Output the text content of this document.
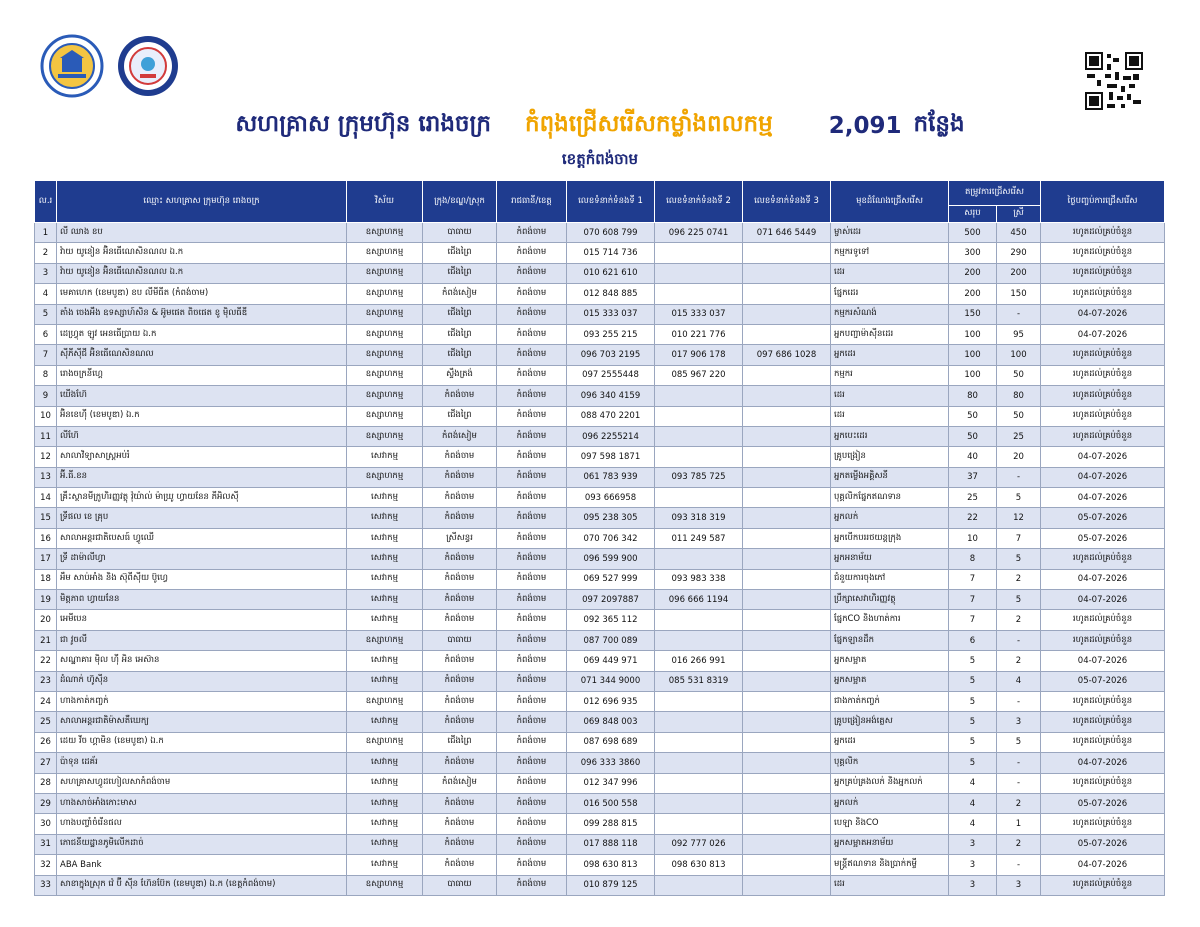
សហគ្រាស ក្រុមហ៊ុន រោងចក្រ កំពុងជ្រើសរើសកម្លាំងពលកម្ម 2,091 កន្លែង
ខេត្តកំពង់ចាម
ល.រ	ឈ្មោះ សហគ្រាស ក្រុមហ៊ុន រោងចក្រ	វិស័យ	ក្រុង/ខណ្ឌ/ស្រុក	រាជធានី/ខេត្ត	លេខទំនាក់ទំនងទី 1	លេខទំនាក់ទំនងទី 2	លេខទំនាក់ទំនងទី 3	មុខដំណែងជ្រើសរើស	តម្រូវការជ្រើសរើស		ថ្ងៃបញ្ចប់ការជ្រើសរើស
									សរុប	ស្រី	
1	លី ឈាង ខប	ឧស្សាហកម្ម	បាធាយ	កំពង់ចាម	070 608 799	096 225 0741	071 646 5449	ម្ចាស់ដេរ	500	450	រហូតដល់គ្រប់ចំនួន
2	វ៉ាយ យូនៀន អ៊ិនធើណេសិនណល ឯ.ក	ឧស្សាហកម្ម	ជើងព្រៃ	កំពង់ចាម	015 714 736			កម្មករទូទៅ	300	290	រហូតដល់គ្រប់ចំនួន
3	វ៉ាយ យូនៀន អ៊ិនធើណេសិនណល ឯ.ក	ឧស្សាហកម្ម	ជើងព្រៃ	កំពង់ចាម	010 621 610			ដេរ	200	200	រហូតដល់គ្រប់ចំនួន
4	មេគាហេក (ខេមបូឌា) ខប លីមីធីត (កំពង់ចាម)	ឧស្សាហកម្ម	កំពង់សៀម	កំពង់ចាម	012 848 885			ផ្នែកដេរ	200	150	រហូតដល់គ្រប់ចំនួន
5	តាំង ចេងអឹង ឧទស្សាហ៍សិន & អ៊ូមផេត ពិចផេត ខូ ម៉ិលធីឌី	ឧស្សាហកម្ម	ជើងព្រៃ	កំពង់ចាម	015 333 037	015 333 037		កម្មករសំណង់	150	-	04-07-2026
6	ដេហ្វ្រុត ឡូវ អេនធើប្រាយ ឯ.ក	ឧស្សាហកម្ម	ជើងព្រៃ	កំពង់ចាម	093 255 215	010 221 776		អ្នកបញ្ជាម៉ាស៊ីនដេរ	100	95	04-07-2026
7	ស៊ីភីស៊ីជី អ៊ិនធើណេសិនណល	ឧស្សាហកម្ម	ជើងព្រៃ	កំពង់ចាម	096 703 2195	017 906 178	097 686 1028	អ្នកដេរ	100	100	រហូតដល់គ្រប់ចំនួន
8	រោងចក្រនីហ្គេ	ឧស្សាហកម្ម	ស្ទឹងត្រង់	កំពង់ចាម	097 2555448	085 967 220		កម្មករ	100	50	រហូតដល់គ្រប់ចំនួន
9	យើងហ៊ែ	ឧស្សាហកម្ម	កំពង់ចាម	កំពង់ចាម	096 340 4159			ដេរ	80	80	រហូតដល់គ្រប់ចំនួន
10	អ៊ិនខេហ៊ី (ខេមបូឌា) ឯ.ក	ឧស្សាហកម្ម	ជើងព្រៃ	កំពង់ចាម	088 470 2201			ដេរ	50	50	រហូតដល់គ្រប់ចំនួន
11	លីហ៊ែ	ឧស្សាហកម្ម	កំពង់សៀម	កំពង់ចាម	096 2255214			អ្នកបេះដេរ	50	25	រហូតដល់គ្រប់ចំនួន
12	សាលាវិទ្យាសាស្ត្រអប់រំ	សេវាកម្ម	កំពង់ចាម	កំពង់ចាម	097 598 1871			គ្រូបង្រៀន	40	20	04-07-2026
13	អ៊ី.ធី.ខន	ឧស្សាហកម្ម	កំពង់ចាម	កំពង់ចាម	061 783 939	093 785 725		អ្នកតម្លើងអគ្គិសនី	37	-	04-07-2026
14	គ្រឹះស្ថានមីក្រូហិរញ្ញវត្ថុ វ៉ុយ៉ាល់ ម៉ាឃ្រូ ហ្វាយនែន ភីអិលស៊ី	សេវាកម្ម	កំពង់ចាម	កំពង់ចាម	093 666958			បុគ្គលិកផ្នែកឥណទាន	25	5	04-07-2026
15	ទ្រីផល ខេ គ្រុប	សេវាកម្ម	កំពង់ចាម	កំពង់ចាម	095 238 305	093 318 319		អ្នកលក់	22	12	05-07-2026
16	សាលាអន្តរជាតិបេសធ៍ ហ្វូឈើ	សេវាកម្ម	ស្រីសន្ធរ	កំពង់ចាម	070 706 342	011 249 587		អ្នកបើកបររថយន្តក្រុង	10	7	05-07-2026
17	ទ្រី ដាម៉ាលីហ្វា	សេវាកម្ម	កំពង់ចាម	កំពង់ចាម	096 599 900			អ្នកអនាម័យ	8	5	រហូតដល់គ្រប់ចំនួន
18	អឹម សាប់អាំង និង ស៊ុពីស៊ីយ ប៊ូហ្វេ	សេវាកម្ម	កំពង់ចាម	កំពង់ចាម	069 527 999	093 983 338		ជំនួយការចុងភៅ	7	2	04-07-2026
19	មិត្តភាព ហ្វាយនែន	សេវាកម្ម	កំពង់ចាម	កំពង់ចាម	097 2097887	096 666 1194		ប្រឹក្សាសេវាហិរញ្ញវត្ថុ	7	5	04-07-2026
20	អេមីបេន	សេវាកម្ម	កំពង់ចាម	កំពង់ចាម	092 365 112			ផ្នែកCO និងហាត់ការ	7	2	រហូតដល់គ្រប់ចំនួន
21	ជា វូចលី	ឧស្សាហកម្ម	បាធាយ	កំពង់ចាម	087 700 089			ផ្នែកឡានដឹក	6	-	រហូតដល់គ្រប់ចំនួន
22	សណ្ឋាគារ ម៉ិល ហ៊ី អិន អេស៊ាន	សេវាកម្ម	កំពង់ចាម	កំពង់ចាម	069 449 971	016 266 991		អ្នកសម្អាត	5	2	04-07-2026
23	ដំណាក់ ហ៊ូស៊ីន	សេវាកម្ម	កំពង់ចាម	កំពង់ចាម	071 344 9000	085 531 8319		អ្នកសម្អាត	5	4	05-07-2026
24	ហាងកាត់កញ្ចក់	ឧស្សាហកម្ម	កំពង់ចាម	កំពង់ចាម	012 696 935			ជាងកាត់កញ្ចក់	5	-	រហូតដល់គ្រប់ចំនួន
25	សាលាអន្តរជាតិម៉ាសតឺឃេក្យ	សេវាកម្ម	កំពង់ចាម	កំពង់ចាម	069 848 003			គ្រូបង្រៀនអង់គ្លេស	5	3	រហូតដល់គ្រប់ចំនួន
26	ដេយ វីច ហ្គាមិន (ខេមបូឌា) ឯ.ក	ឧស្សាហកម្ម	ជើងព្រៃ	កំពង់ចាម	087 698 689			អ្នកដេរ	5	5	រហូតដល់គ្រប់ចំនួន
27	ប៉ាទុន ដេគ័រ	សេវាកម្ម	កំពង់ចាម	កំពង់ចាម	096 333 3860			បុគ្គលិក	5	-	04-07-2026
28	សហគ្រាសហ្វូដហៀលសាកំពង់ចាម	សេវាកម្ម	កំពង់សៀម	កំពង់ចាម	012 347 996			អ្នកគ្រប់គ្រងលក់ និងអ្នកលក់	4	-	រហូតដល់គ្រប់ចំនួន
29	ហាងសាច់អាំងកោះមាស	សេវាកម្ម	កំពង់ចាម	កំពង់ចាម	016 500 558			អ្នកលក់	4	2	05-07-2026
30	ហាងបញ្ចាំចំរើនផល	សេវាកម្ម	កំពង់ចាម	កំពង់ចាម	099 288 815			បេឡា និងCO	4	1	រហូតដល់គ្រប់ចំនួន
31	ភោជនីយដ្ឋានភូមិលើកដាច់	សេវាកម្ម	កំពង់ចាម	កំពង់ចាម	017 888 118	092 777 026		អ្នកសម្អាតអនាម័យ	3	2	05-07-2026
32	ABA Bank	សេវាកម្ម	កំពង់ចាម	កំពង់ចាម	098 630 813	098 630 813		មន្ត្រីឥណទាន និងប្រាក់កម្ចី	3	-	04-07-2026
33	សាខាក្នុងស្រុក វ៉េ ប៊ី ស៊ីន ហ៊ែនប៊ែក (ខេមបូឌា) ឯ.ក (ខេត្តកំពង់ចាម)	ឧស្សាហកម្ម	បាធាយ	កំពង់ចាម	010 879 125			ដេរ	3	3	រហូតដល់គ្រប់ចំនួន
